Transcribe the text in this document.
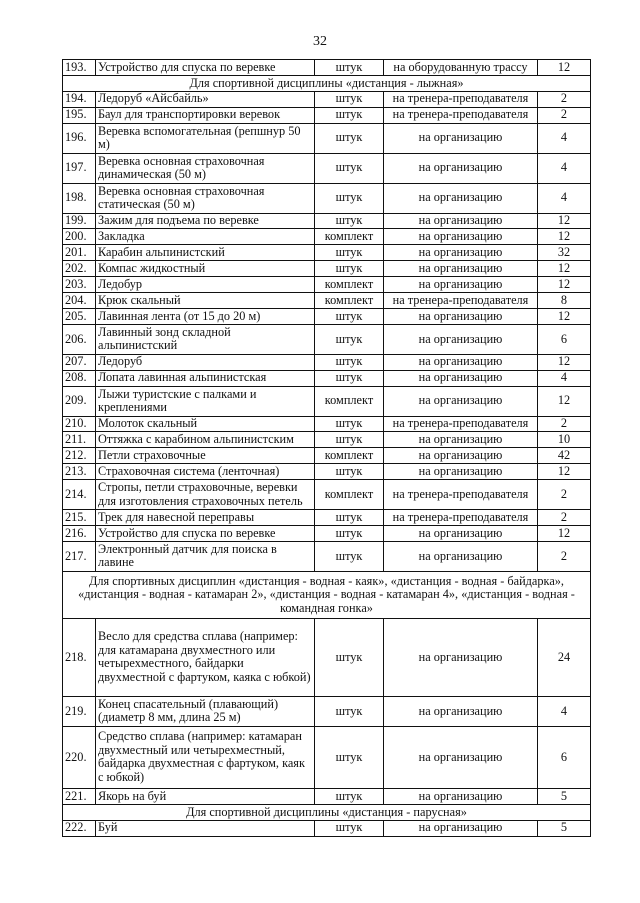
32
193.	Устройство для спуска по веревке	штук	на оборудованную трассу	12
Для спортивной дисциплины «дистанция - лыжная»				
194.	Ледоруб «Айсбайль»	штук	на тренера-преподавателя	2
195.	Баул для транспортировки веревок	штук	на тренера-преподавателя	2
196.	Веревка вспомогательная (репшнур 50 м)	штук	на организацию	4
197.	Веревка основная страховочная динамическая (50 м)	штук	на организацию	4
198.	Веревка основная страховочная статическая (50 м)	штук	на организацию	4
199.	Зажим для подъема по веревке	штук	на организацию	12
200.	Закладка	комплект	на организацию	12
201.	Карабин альпинистский	штук	на организацию	32
202.	Компас жидкостный	штук	на организацию	12
203.	Ледобур	комплект	на организацию	12
204.	Крюк скальный	комплект	на тренера-преподавателя	8
205.	Лавинная лента (от 15 до 20 м)	штук	на организацию	12
206.	Лавинный зонд складной альпинистский	штук	на организацию	6
207.	Ледоруб	штук	на организацию	12
208.	Лопата лавинная альпинистская	штук	на организацию	4
209.	Лыжи туристские с палками и креплениями	комплект	на организацию	12
210.	Молоток скальный	штук	на тренера-преподавателя	2
211.	Оттяжка с карабином альпинистским	штук	на организацию	10
212.	Петли страховочные	комплект	на организацию	42
213.	Страховочная система (ленточная)	штук	на организацию	12
214.	Стропы, петли страховочные, веревки для изготовления страховочных петель	комплект	на тренера-преподавателя	2
215.	Трек для навесной переправы	штук	на тренера-преподавателя	2
216.	Устройство для спуска по веревке	штук	на организацию	12
217.	Электронный датчик для поиска в лавине	штук	на организацию	2
Для спортивных дисциплин «дистанция - водная - каяк», «дистанция - водная - байдарка», «дистанция - водная - катамаран 2», «дистанция - водная - катамаран 4», «дистанция - водная - командная гонка»				
218.	Весло для средства сплава (например: для катамарана двухместного или четырехместного, байдарки двухместной с фартуком, каяка с юбкой)	штук	на организацию	24
219.	Конец спасательный (плавающий) (диаметр 8 мм, длина 25 м)	штук	на организацию	4
220.	Средство сплава (например: катамаран двухместный или четырехместный, байдарка двухместная с фартуком, каяк с юбкой)	штук	на организацию	6
221.	Якорь на буй	штук	на организацию	5
Для спортивной дисциплины «дистанция - парусная»				
222.	Буй	штук	на организацию	5
